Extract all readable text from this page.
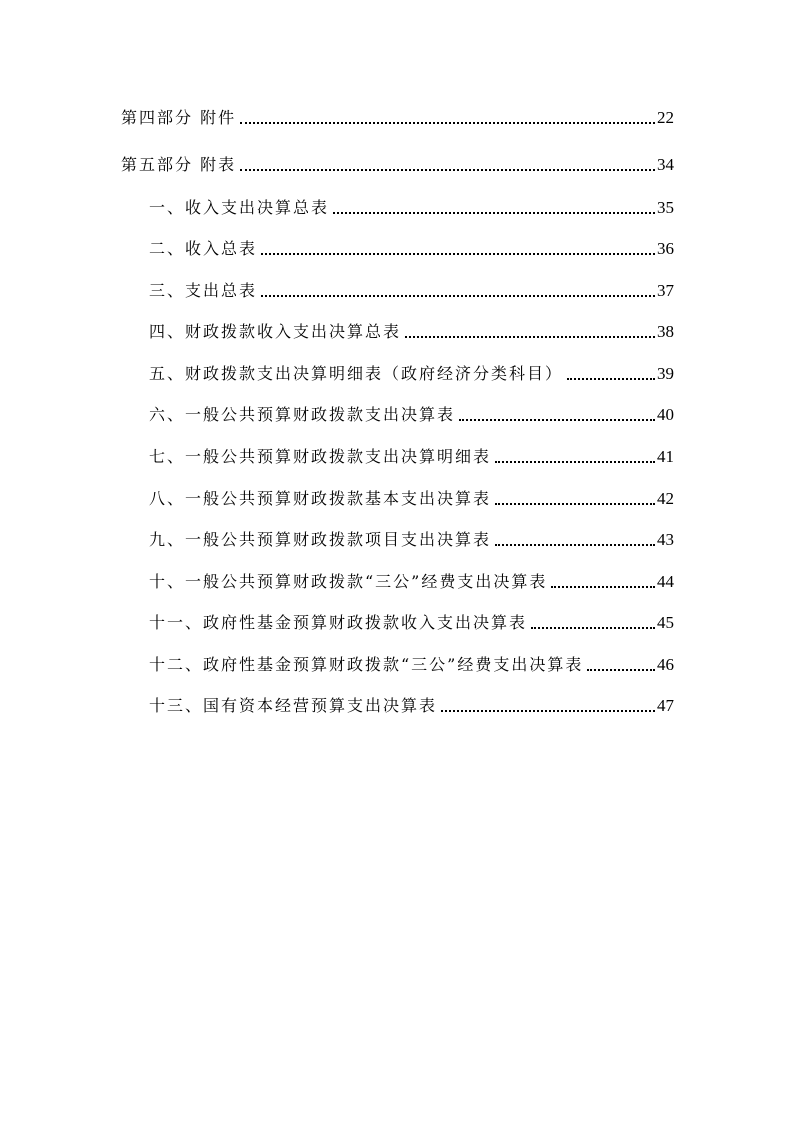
第四部分 附件	22
第五部分 附表	34
一、收入支出决算总表	35
二、收入总表	36
三、支出总表	37
四、财政拨款收入支出决算总表	38
五、财政拨款支出决算明细表（政府经济分类科目）	39
六、一般公共预算财政拨款支出决算表	40
七、一般公共预算财政拨款支出决算明细表	41
八、一般公共预算财政拨款基本支出决算表	42
九、一般公共预算财政拨款项目支出决算表	43
十、一般公共预算财政拨款“三公”经费支出决算表	44
十一、政府性基金预算财政拨款收入支出决算表	45
十二、政府性基金预算财政拨款“三公”经费支出决算表	46
十三、国有资本经营预算支出决算表	47
